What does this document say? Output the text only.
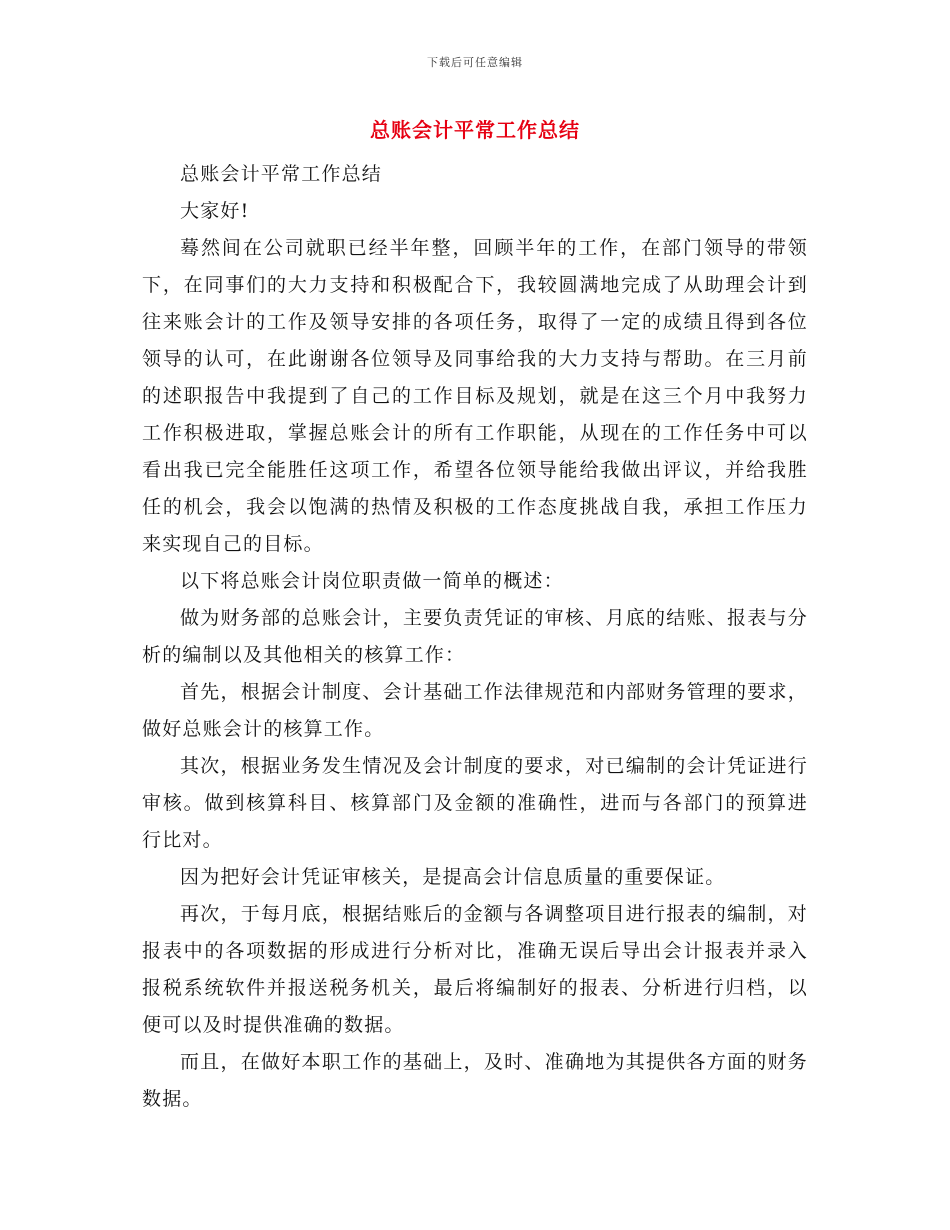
下载后可任意编辑
总账会计平常工作总结

总账会计平常工作总结

大家好!

蓦然间在公司就职已经半年整，回顾半年的工作，在部门领导的带领下，在同事们的大力支持和积极配合下，我较圆满地完成了从助理会计到往来账会计的工作及领导安排的各项任务，取得了一定的成绩且得到各位领导的认可，在此谢谢各位领导及同事给我的大力支持与帮助。在三月前的述职报告中我提到了自己的工作目标及规划，就是在这三个月中我努力工作积极进取，掌握总账会计的所有工作职能，从现在的工作任务中可以看出我已完全能胜任这项工作，希望各位领导能给我做出评议，并给我胜任的机会，我会以饱满的热情及积极的工作态度挑战自我，承担工作压力来实现自己的目标。

以下将总账会计岗位职责做一简单的概述：

做为财务部的总账会计，主要负责凭证的审核、月底的结账、报表与分析的编制以及其他相关的核算工作：

首先，根据会计制度、会计基础工作法律规范和内部财务管理的要求，做好总账会计的核算工作。

其次，根据业务发生情况及会计制度的要求，对已编制的会计凭证进行审核。做到核算科目、核算部门及金额的准确性，进而与各部门的预算进行比对。

因为把好会计凭证审核关，是提高会计信息质量的重要保证。

再次，于每月底，根据结账后的金额与各调整项目进行报表的编制，对报表中的各项数据的形成进行分析对比，准确无误后导出会计报表并录入报税系统软件并报送税务机关，最后将编制好的报表、分析进行归档，以便可以及时提供准确的数据。

而且，在做好本职工作的基础上，及时、准确地为其提供各方面的财务数据。
